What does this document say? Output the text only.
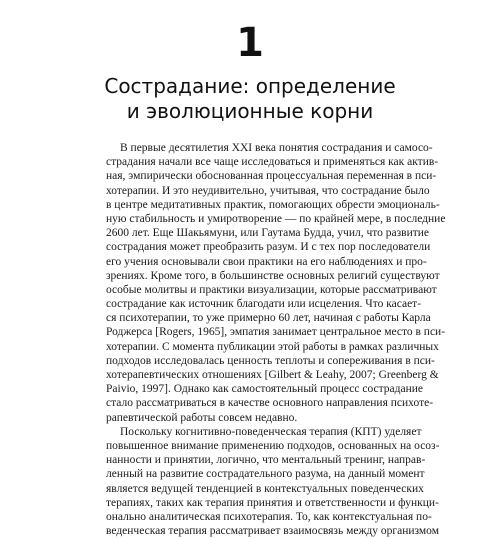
1
Сострадание: определение
и эволюционные корни

В первые десятилетия XXI века понятия сострадания и самосо-
страдания начали все чаще исследоваться и применяться как актив-
ная, эмпирически обоснованная процессуальная переменная в пси-
хотерапии. И это неудивительно, учитывая, что сострадание было
в центре медитативных практик, помогающих обрести эмоциональ-
ную стабильность и умиротворение — по крайней мере, в последние
2600 лет. Еще Шакьямуни, или Гаутама Будда, учил, что развитие
сострадания может преобразить разум. И с тех пор последователи
его учения основывали свои практики на его наблюдениях и про-
зрениях. Кроме того, в большинстве основных религий существуют
особые молитвы и практики визуализации, которые рассматривают
сострадание как источник благодати или исцеления. Что касает-
ся психотерапии, то уже примерно 60 лет, начиная с работы Карла
Роджерса [Rogers, 1965], эмпатия занимает центральное место в пси-
хотерапии. С момента публикации этой работы в рамках различных
подходов исследовалась ценность теплоты и сопереживания в пси-
хотерапевтических отношениях [Gilbert & Leahy, 2007; Greenberg &
Paivio, 1997]. Однако как самостоятельный процесс сострадание
стало рассматриваться в качестве основного направления психоте-
рапевтической работы совсем недавно.

Поскольку когнитивно-поведенческая терапия (КПТ) уделяет
повышенное внимание применению подходов, основанных на осоз-
нанности и принятии, логично, что ментальный тренинг, направ-
ленный на развитие сострадательного разума, на данный момент
является ведущей тенденцией в контекстуальных поведенческих
терапиях, таких как терапия принятия и ответственности и функци-
онально аналитическая психотерапия. То, как контекстуальная по-
веденческая терапия рассматривает взаимосвязь между организмом
